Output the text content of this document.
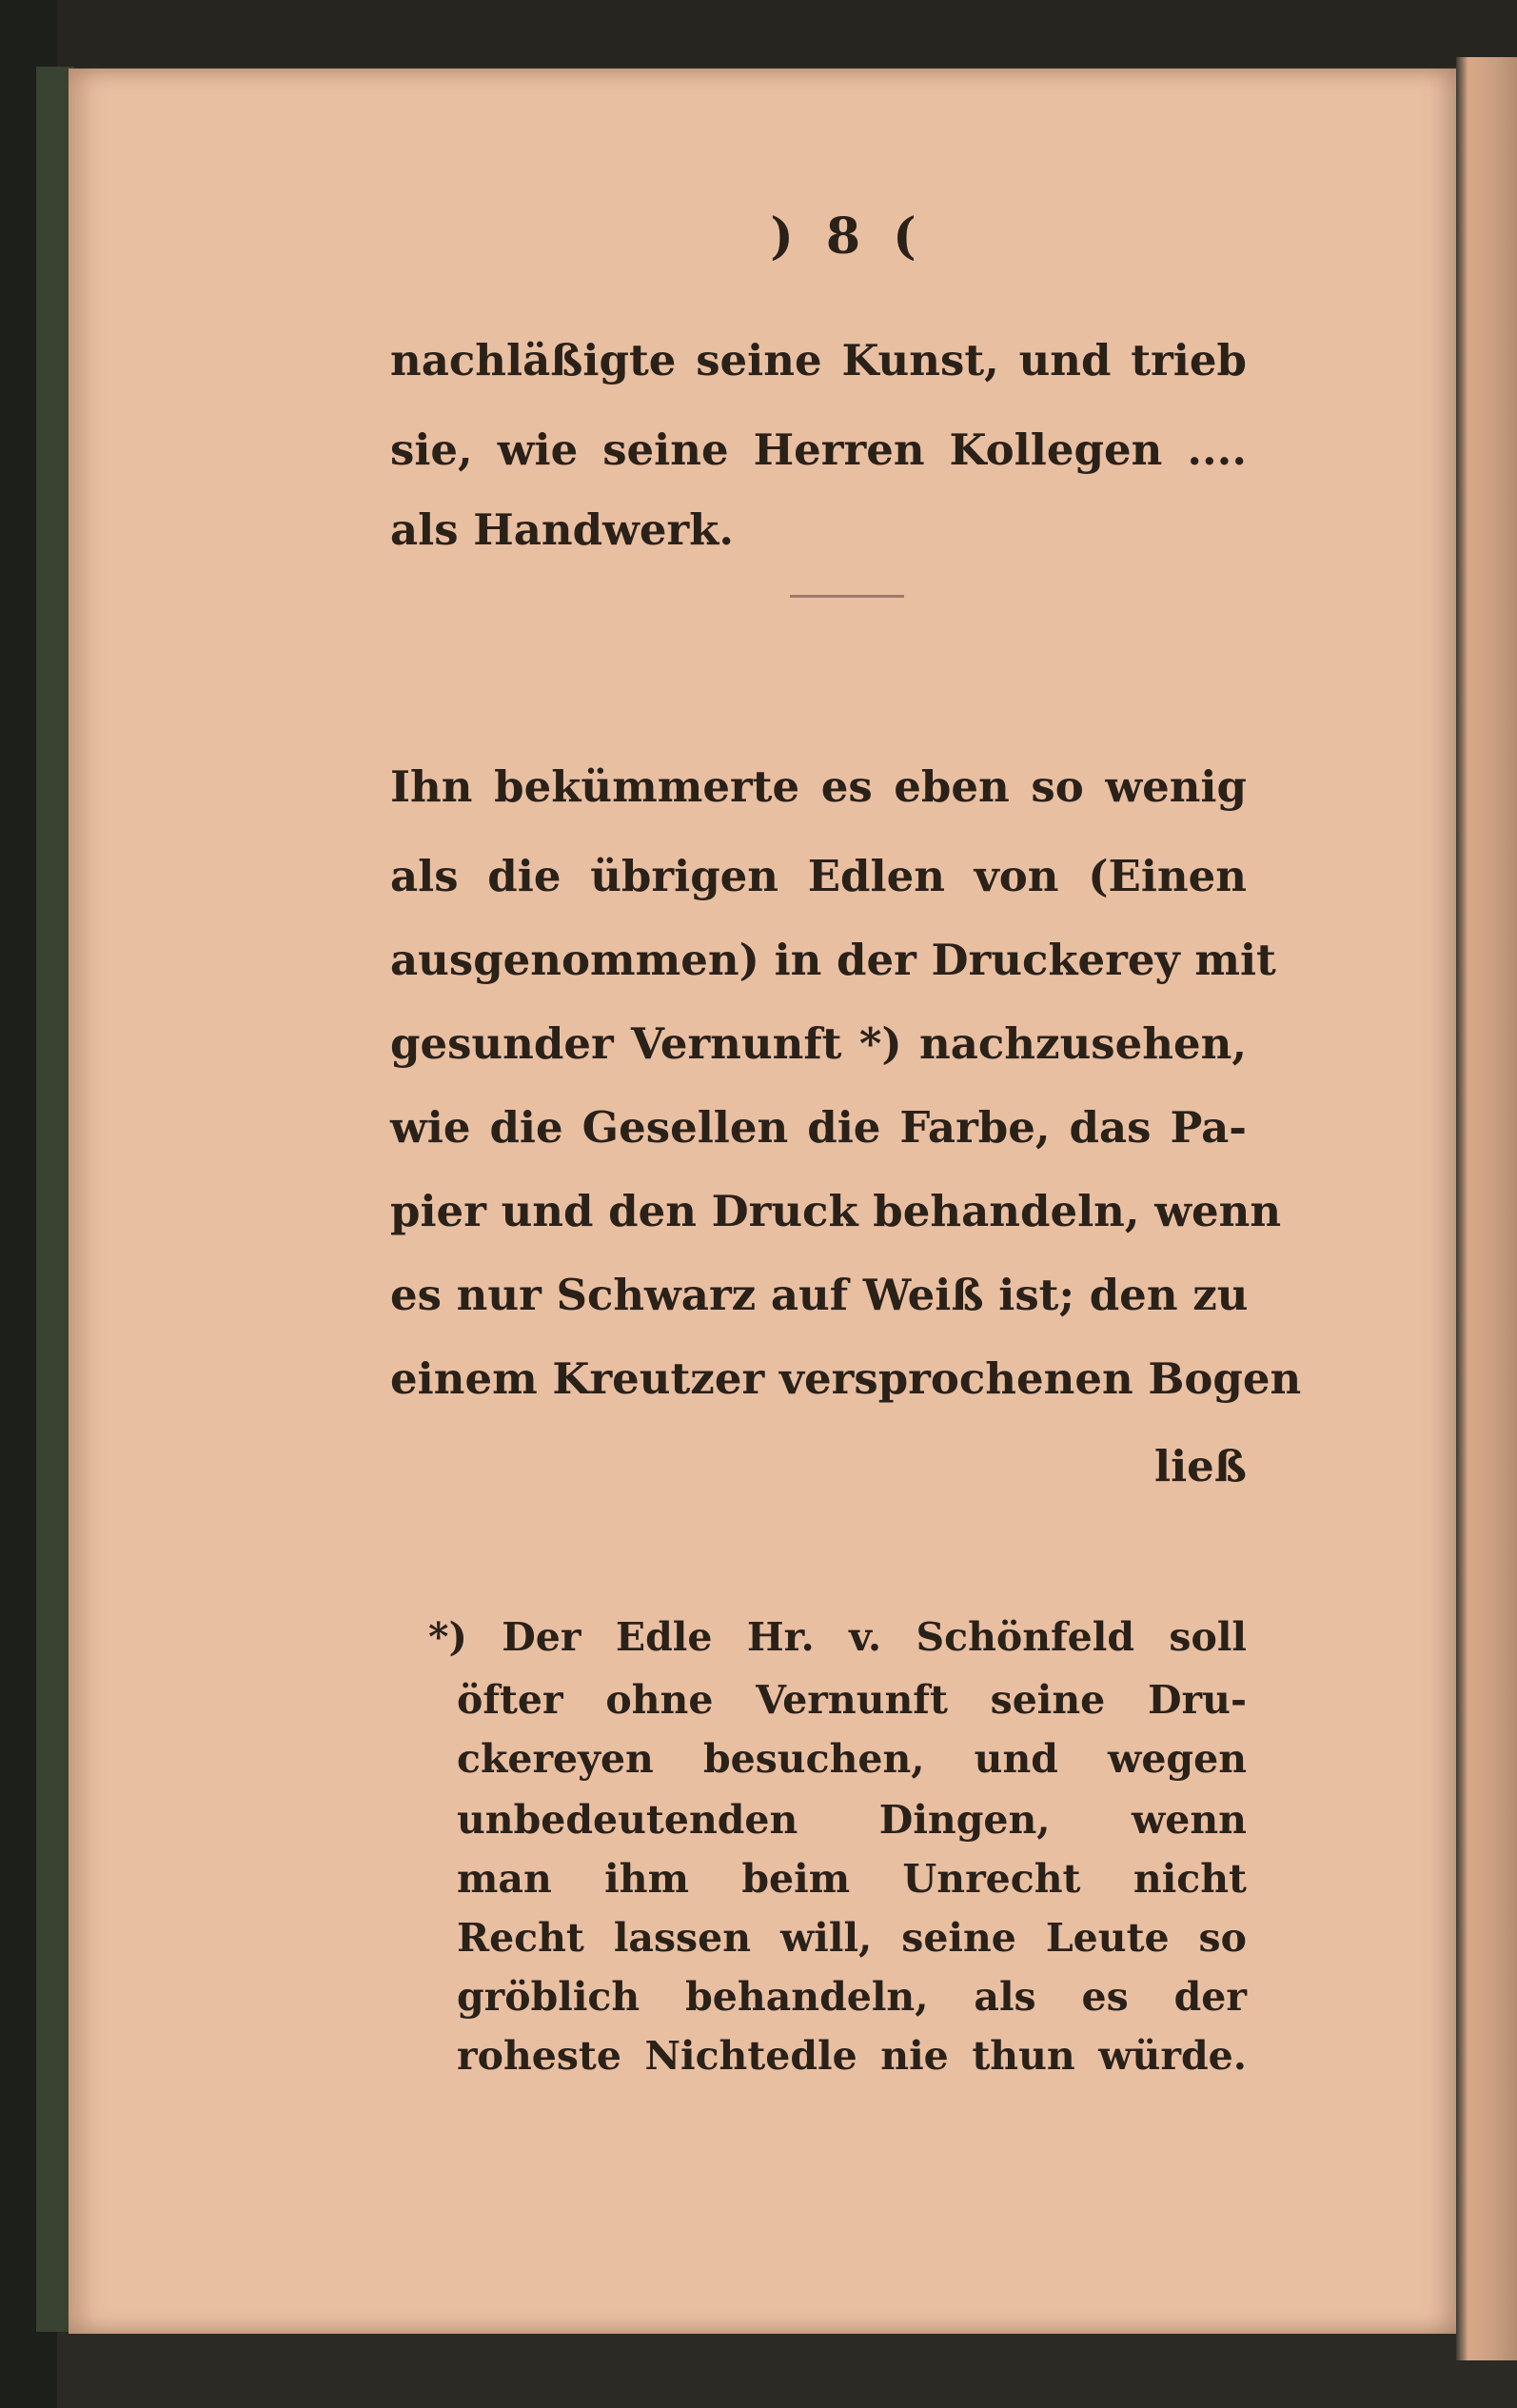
) 8 (
nachläßigte seine Kunst, und trieb
sie, wie seine Herren Kollegen ....
als Handwerk.
Ihn bekümmerte es eben so wenig
als die übrigen Edlen von (Einen
ausgenommen) in der Druckerey mit
gesunder Vernunft *) nachzusehen,
wie die Gesellen die Farbe, das Pa-
pier und den Druck behandeln, wenn
es nur Schwarz auf Weiß ist; den zu
einem Kreutzer versprochenen Bogen
ließ
*) Der Edle Hr. v. Schönfeld soll
öfter ohne Vernunft seine Dru-
ckereyen besuchen, und wegen
unbedeutenden Dingen, wenn
man ihm beim Unrecht nicht
Recht lassen will, seine Leute so
gröblich behandeln, als es der
roheste Nichtedle nie thun würde.
